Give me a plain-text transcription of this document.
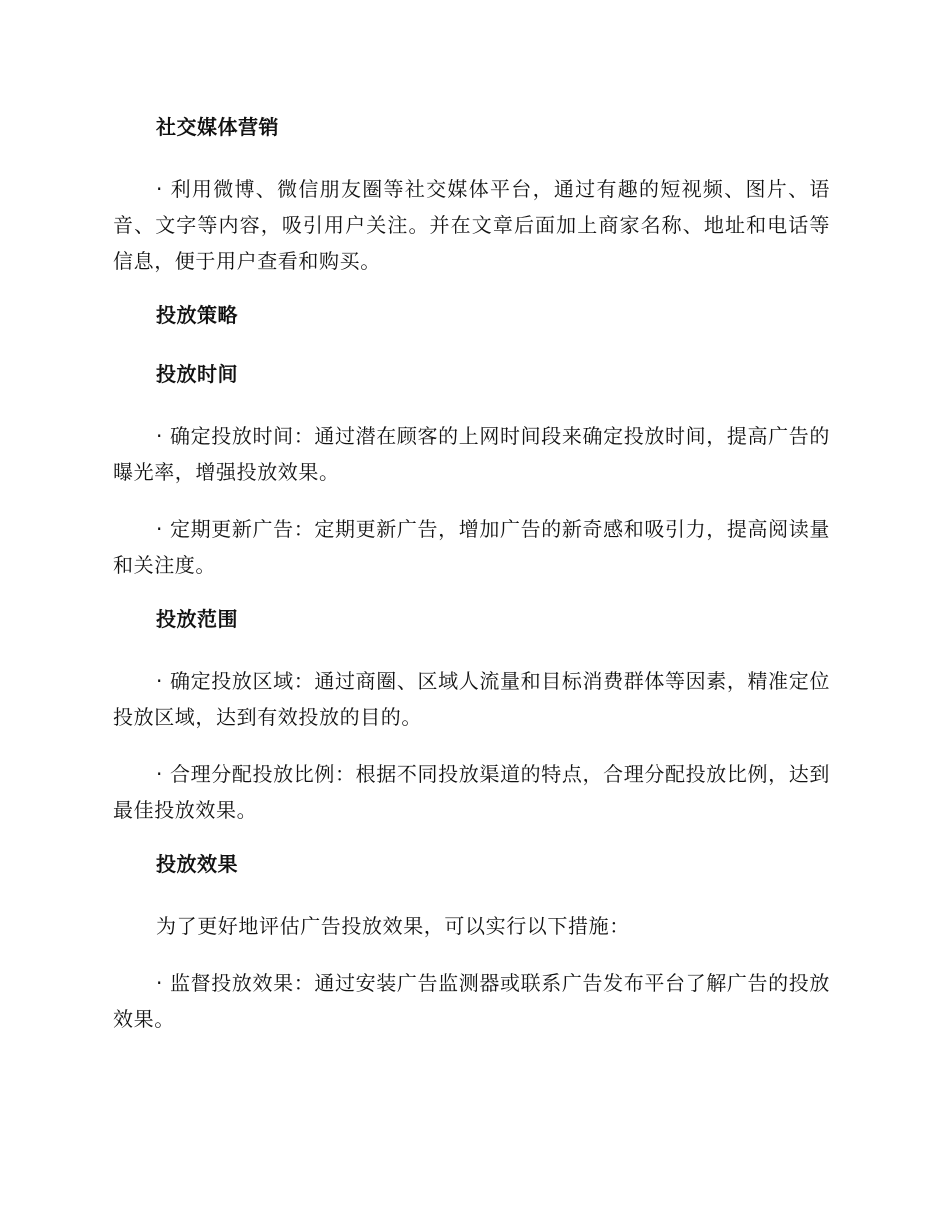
社交媒体营销

· 利用微博、微信朋友圈等社交媒体平台，通过有趣的短视频、图片、语音、文字等内容，吸引用户关注。并在文章后面加上商家名称、地址和电话等信息，便于用户查看和购买。

投放策略
投放时间

· 确定投放时间：通过潜在顾客的上网时间段来确定投放时间，提高广告的曝光率，增强投放效果。

· 定期更新广告：定期更新广告，增加广告的新奇感和吸引力，提高阅读量和关注度。

投放范围

· 确定投放区域：通过商圈、区域人流量和目标消费群体等因素，精准定位投放区域，达到有效投放的目的。

· 合理分配投放比例：根据不同投放渠道的特点，合理分配投放比例，达到最佳投放效果。

投放效果

为了更好地评估广告投放效果，可以实行以下措施：

· 监督投放效果：通过安装广告监测器或联系广告发布平台了解广告的投放效果。
